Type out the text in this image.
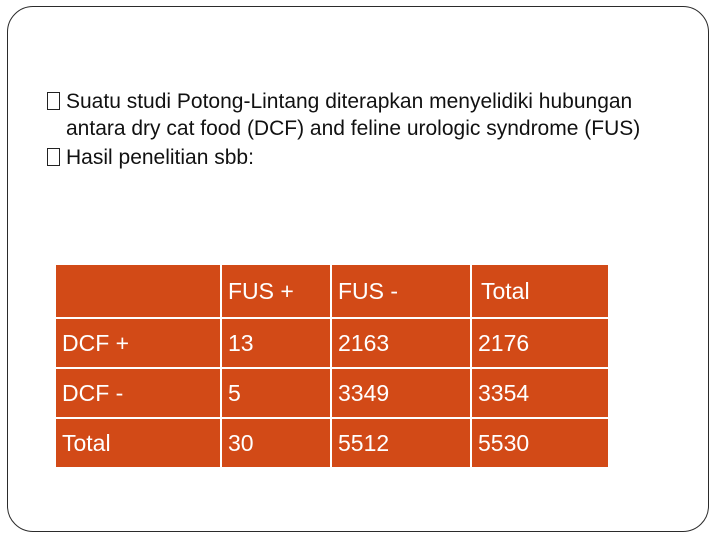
Suatu studi Potong-Lintang diterapkan menyelidiki hubungan antara dry cat food (DCF) and feline urologic syndrome (FUS)
Hasil penelitian sbb:
	FUS +	FUS -	Total
DCF +	13	2163	2176
DCF -	5	3349	3354
Total	30	5512	5530
